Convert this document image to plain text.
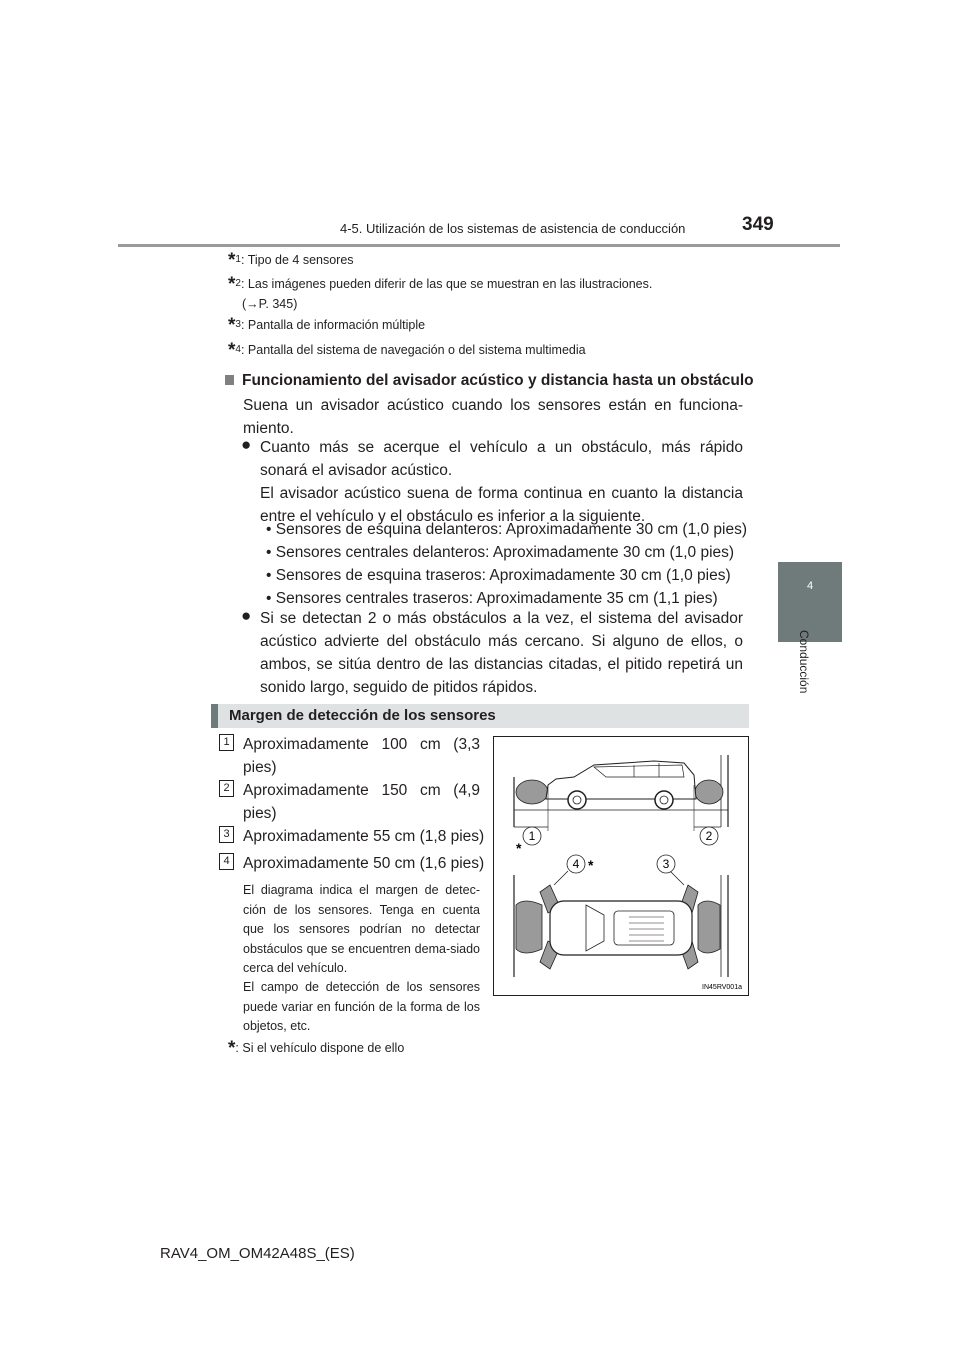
4-5. Utilización de los sistemas de asistencia de conducción	349
4
Conducción
*$^1$: Tipo de 4 sensores
*$^2$: Las imágenes pueden diferir de las que se muestran en las ilustraciones.
(→P. 345)
*$^3$: Pantalla de información múltiple
*$^4$: Pantalla del sistema de navegación o del sistema multimedia
Funcionamiento del avisador acústico y distancia hasta un obstáculo
Suena un avisador acústico cuando los sensores están en funciona-miento.
● Cuanto más se acerque el vehículo a un obstáculo, más rápido sonará el avisador acústico.
El avisador acústico suena de forma continua en cuanto la distancia entre el vehículo y el obstáculo es inferior a la siguiente.
• Sensores de esquina delanteros: Aproximadamente 30 cm (1,0 pies)
• Sensores centrales delanteros: Aproximadamente 30 cm (1,0 pies)
• Sensores de esquina traseros: Aproximadamente 30 cm (1,0 pies)
• Sensores centrales traseros: Aproximadamente 35 cm (1,1 pies)
● Si se detectan 2 o más obstáculos a la vez, el sistema del avisador acústico advierte del obstáculo más cercano. Si alguno de ellos, o ambos, se sitúa dentro de las distancias citadas, el pitido repetirá un sonido largo, seguido de pitidos rápidos.
Margen de detección de los sensores
1 Aproximadamente 100 cm (3,3 pies)
2 Aproximadamente 150 cm (4,9 pies)
3 Aproximadamente 55 cm (1,8 pies)
4 Aproximadamente 50 cm (1,6 pies)
El diagrama indica el margen de detec-ción de los sensores. Tenga en cuenta que los sensores podrían no detectar obstáculos que se encuentren dema-siado cerca del vehículo.
El campo de detección de los sensores puede variar en función de la forma de los objetos, etc.
*: Si el vehículo dispone de ello
1	2
*
4 *	3
IN45RV001a
RAV4_OM_OM42A48S_(ES)
